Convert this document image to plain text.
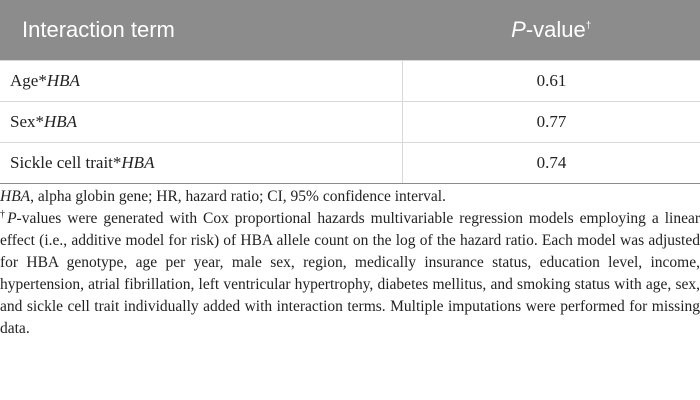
Interaction term	P-value†
Age*HBA	0.61
Sex*HBA	0.77
Sickle cell trait*HBA	0.74

HBA, alpha globin gene; HR, hazard ratio; CI, 95% confidence interval.

†P-values were generated with Cox proportional hazards multivariable regression models employing a linear effect (i.e., additive model for risk) of HBA allele count on the log of the hazard ratio. Each model was adjusted for HBA genotype, age per year, male sex, region, medically insurance status, education level, income, hypertension, atrial fibrillation, left ventricular hypertrophy, diabetes mellitus, and smoking status with age, sex, and sickle cell trait individually added with interaction terms. Multiple imputations were performed for missing data.
